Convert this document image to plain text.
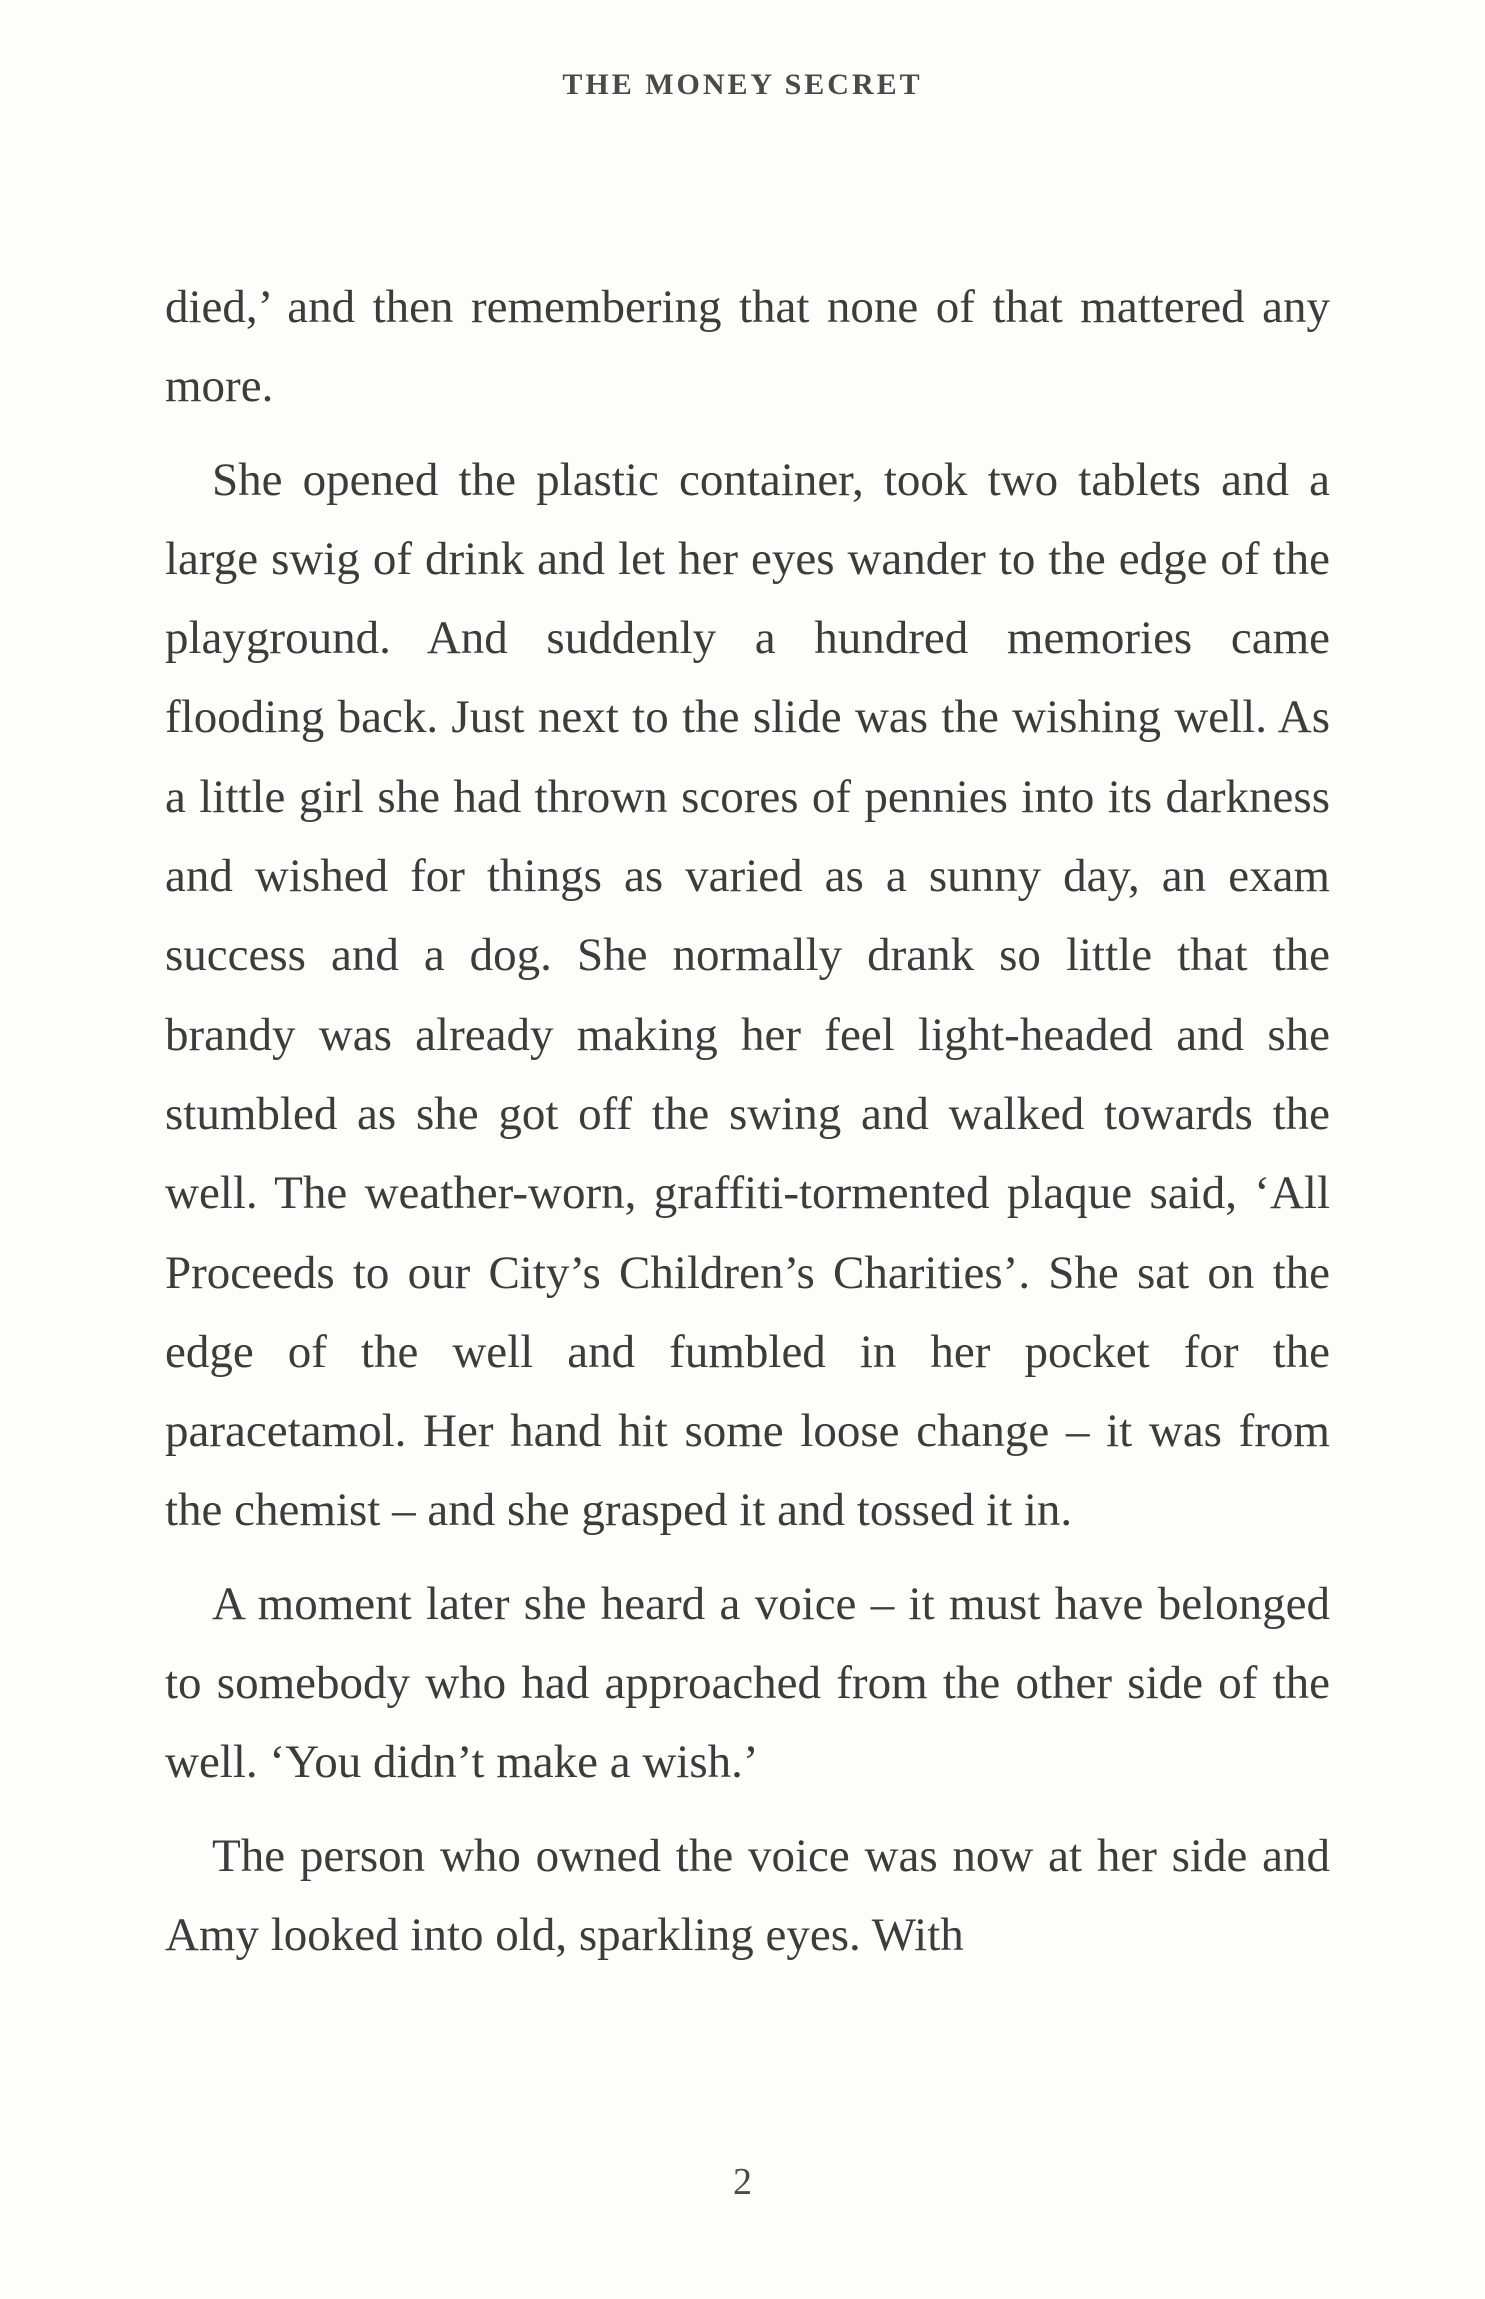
THE MONEY SECRET

died,’ and then remembering that none of that mattered any more.

She opened the plastic container, took two tablets and a large swig of drink and let her eyes wander to the edge of the playground. And suddenly a hundred memories came flooding back. Just next to the slide was the wishing well. As a little girl she had thrown scores of pennies into its darkness and wished for things as varied as a sunny day, an exam success and a dog. She normally drank so little that the brandy was already making her feel light-headed and she stumbled as she got off the swing and walked towards the well. The weather-worn, graffiti-tormented plaque said, ‘All Proceeds to our City’s Children’s Charities’. She sat on the edge of the well and fumbled in her pocket for the paracetamol. Her hand hit some loose change – it was from the chemist – and she grasped it and tossed it in.

A moment later she heard a voice – it must have belonged to somebody who had approached from the other side of the well. ‘You didn’t make a wish.’

The person who owned the voice was now at her side and Amy looked into old, sparkling eyes. With

2
